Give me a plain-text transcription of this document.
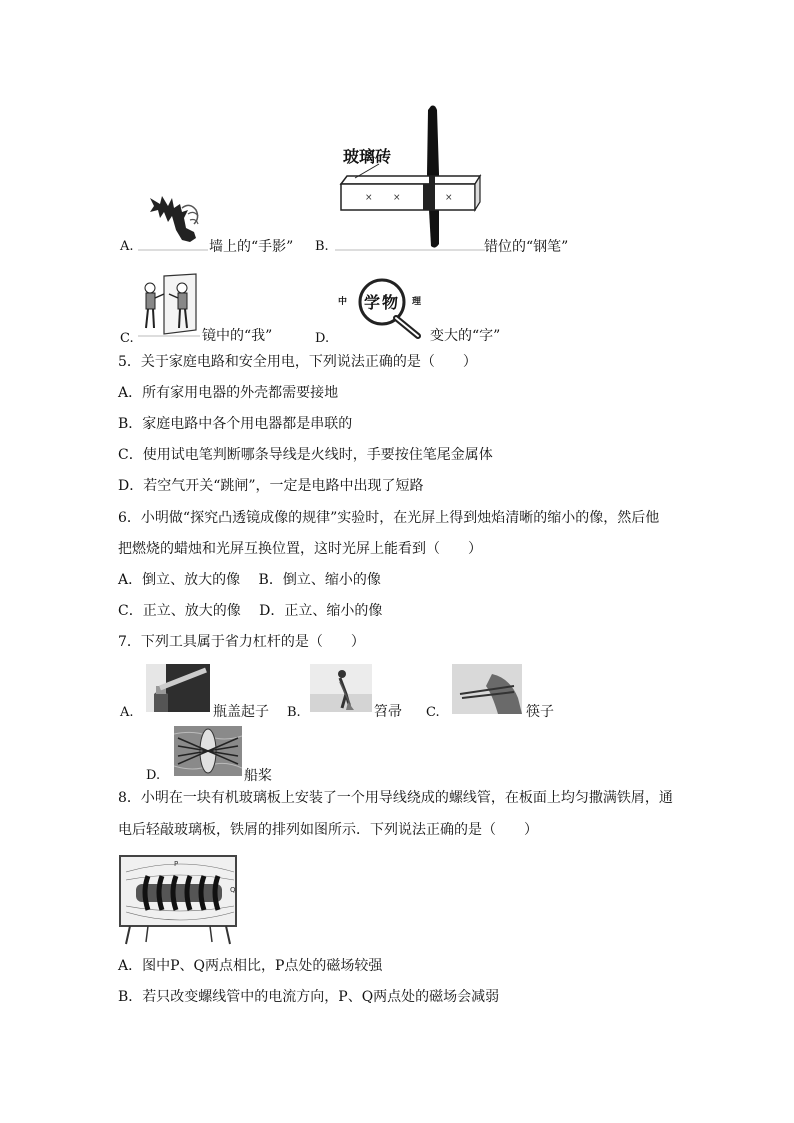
A.	墙上的“手影” B.
× ×	×
玻璃砖
错位的“钢笔”
C.	镜中的“我”	D.
中 学 物 理
变大的“字”
5．关于家庭电路和安全用电，下列说法正确的是（　　）
A．所有家用电器的外壳都需要接地
B．家庭电路中各个用电器都是串联的
C．使用试电笔判断哪条导线是火线时，手要按住笔尾金属体
D．若空气开关“跳闸”，一定是电路中出现了短路
6．小明做“探究凸透镜成像的规律”实验时，在光屏上得到烛焰清晰的缩小的像，然后他
把燃烧的蜡烛和光屏互换位置，这时光屏上能看到（　　）
A．倒立、放大的像　 B．倒立、缩小的像
C．正立、放大的像　 D．正立、缩小的像
7．下列工具属于省力杠杆的是（　　）
A.	瓶盖起子 B.	笤帚 C.	筷子
D.	船桨
8．小明在一块有机玻璃板上安装了一个用导线绕成的螺线管，在板面上均匀撒满铁屑，通
电后轻敲玻璃板，铁屑的排列如图所示．下列说法正确的是（　　）
P
Q
A．图中P、Q两点相比，P点处的磁场较强
B．若只改变螺线管中的电流方向，P、Q两点处的磁场会减弱
